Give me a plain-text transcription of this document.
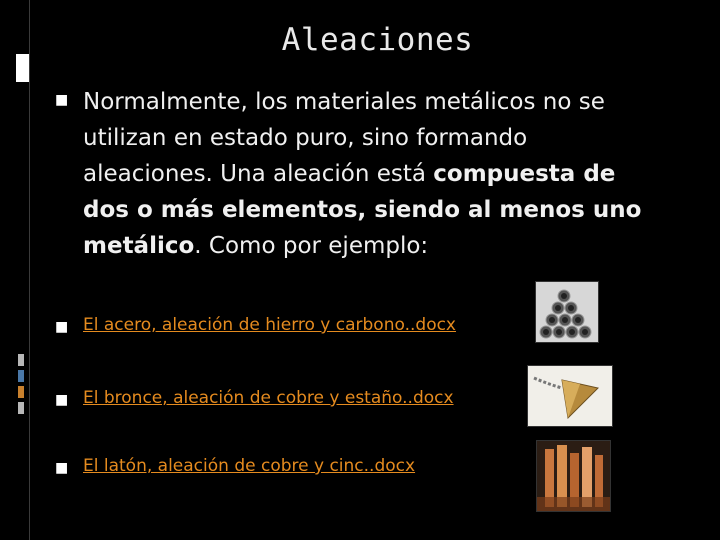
Aleaciones
■ Normalmente, los materiales metálicos no se utilizan en estado puro, sino formando aleaciones. Una aleación está compuesta de dos o más elementos, siendo al menos uno metálico. Como por ejemplo:
■ El acero, aleación de hierro y carbono..docx
■ El bronce, aleación de cobre y estaño..docx
■ El latón, aleación de cobre y cinc..docx
